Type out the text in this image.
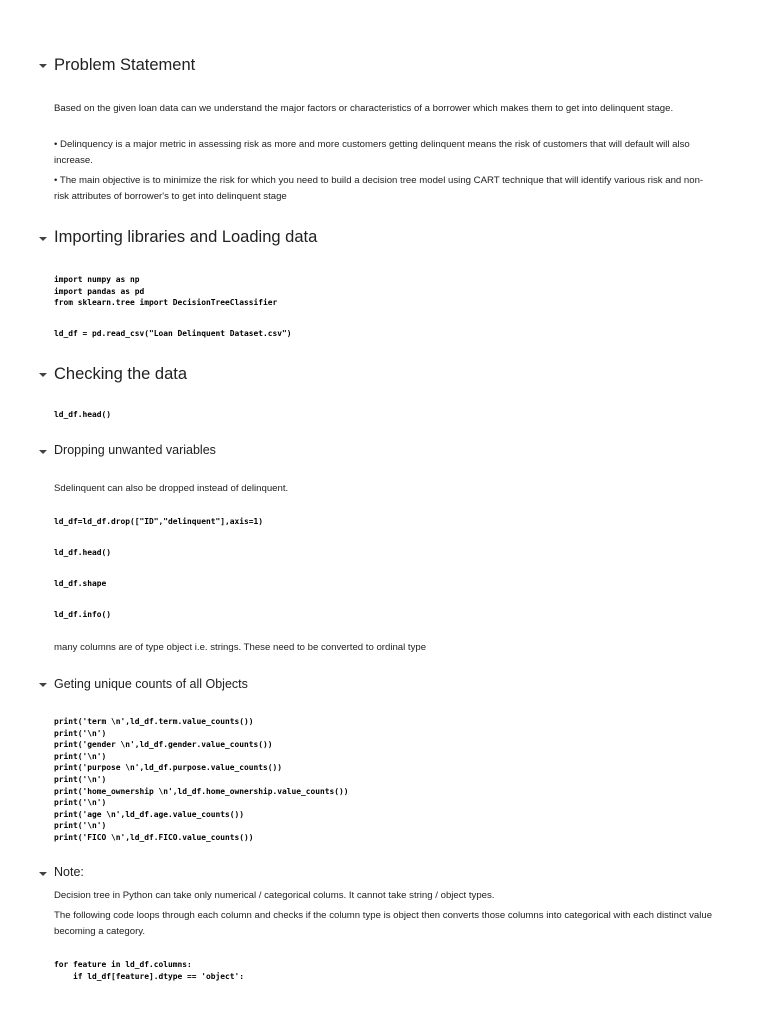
Problem Statement
Based on the given loan data can we understand the major factors or characteristics of a borrower which makes them to get into delinquent stage.
• Delinquency is a major metric in assessing risk as more and more customers getting delinquent means the risk of customers that will default will also increase.
• The main objective is to minimize the risk for which you need to build a decision tree model using CART technique that will identify various risk and non-risk attributes of borrower's to get into delinquent stage
Importing libraries and Loading data
import numpy as np
import pandas as pd
from sklearn.tree import DecisionTreeClassifier
ld_df = pd.read_csv("Loan Delinquent Dataset.csv")
Checking the data
ld_df.head()
Dropping unwanted variables
Sdelinquent can also be dropped instead of delinquent.
ld_df=ld_df.drop(["ID","delinquent"],axis=1)
ld_df.head()
ld_df.shape
ld_df.info()
many columns are of type object i.e. strings. These need to be converted to ordinal type
Geting unique counts of all Objects
print('term \n',ld_df.term.value_counts())
print('\n')
print('gender \n',ld_df.gender.value_counts())
print('\n')
print('purpose \n',ld_df.purpose.value_counts())
print('\n')
print('home_ownership \n',ld_df.home_ownership.value_counts())
print('\n')
print('age \n',ld_df.age.value_counts())
print('\n')
print('FICO \n',ld_df.FICO.value_counts())
Note:
Decision tree in Python can take only numerical / categorical colums. It cannot take string / object types.
The following code loops through each column and checks if the column type is object then converts those columns into categorical with each distinct value becoming a category.
for feature in ld_df.columns:
if ld_df[feature].dtype == 'object':
